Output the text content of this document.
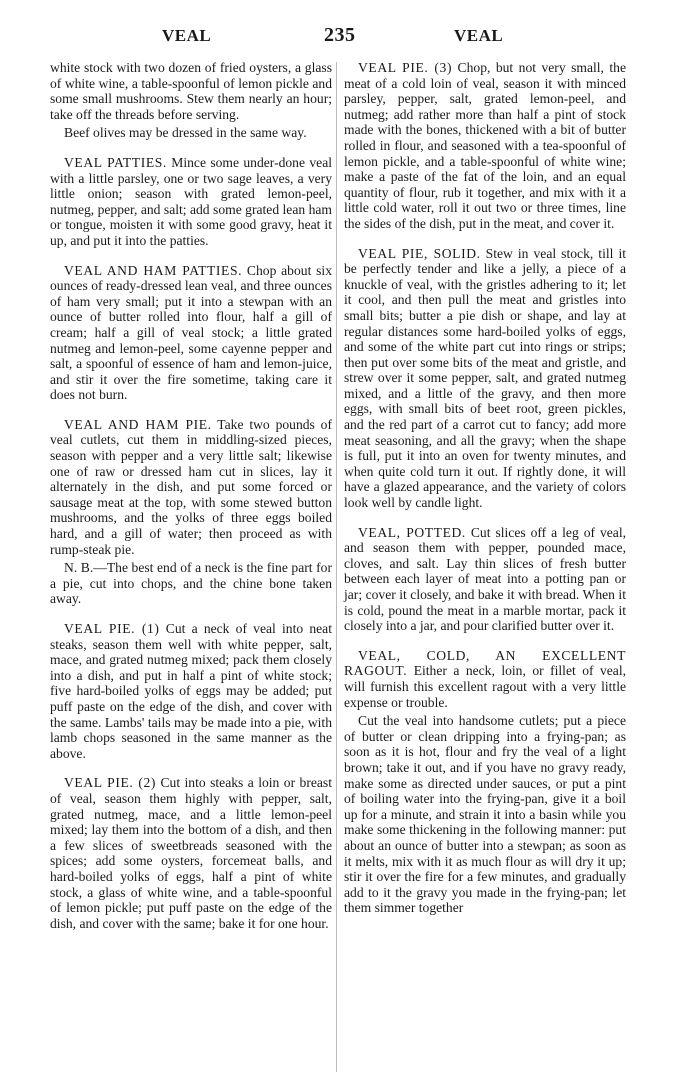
VEAL	235	VEAL

white stock with two dozen of fried oysters, a glass of white wine, a table-spoonful of lemon pickle and some small mushrooms. Stew them nearly an hour; take off the threads before serving.

Beef olives may be dressed in the same way.

VEAL PATTIES. Mince some under-done veal with a little parsley, one or two sage leaves, a very little onion; season with grated lemon-peel, nutmeg, pepper, and salt; add some grated lean ham or tongue, moisten it with some good gravy, heat it up, and put it into the patties.

VEAL AND HAM PATTIES. Chop about six ounces of ready-dressed lean veal, and three ounces of ham very small; put it into a stewpan with an ounce of butter rolled into flour, half a gill of cream; half a gill of veal stock; a little grated nutmeg and lemon-peel, some cayenne pepper and salt, a spoonful of essence of ham and lemon-juice, and stir it over the fire sometime, taking care it does not burn.

VEAL AND HAM PIE. Take two pounds of veal cutlets, cut them in middling-sized pieces, season with pepper and a very little salt; likewise one of raw or dressed ham cut in slices, lay it alternately in the dish, and put some forced or sausage meat at the top, with some stewed button mushrooms, and the yolks of three eggs boiled hard, and a gill of water; then proceed as with rump-steak pie.

N. B.—The best end of a neck is the fine part for a pie, cut into chops, and the chine bone taken away.

VEAL PIE. (1) Cut a neck of veal into neat steaks, season them well with white pepper, salt, mace, and grated nutmeg mixed; pack them closely into a dish, and put in half a pint of white stock; five hard-boiled yolks of eggs may be added; put puff paste on the edge of the dish, and cover with the same. Lambs' tails may be made into a pie, with lamb chops seasoned in the same manner as the above.

VEAL PIE. (2) Cut into steaks a loin or breast of veal, season them highly with pepper, salt, grated nutmeg, mace, and a little lemon-peel mixed; lay them into the bottom of a dish, and then a few slices of sweetbreads seasoned with the spices; add some oysters, forcemeat balls, and hard-boiled yolks of eggs, half a pint of white stock, a glass of white wine, and a table-spoonful of lemon pickle; put puff paste on the edge of the dish, and cover with the same; bake it for one hour.

VEAL PIE. (3) Chop, but not very small, the meat of a cold loin of veal, season it with minced parsley, pepper, salt, grated lemon-peel, and nutmeg; add rather more than half a pint of stock made with the bones, thickened with a bit of butter rolled in flour, and seasoned with a tea-spoonful of lemon pickle, and a table-spoonful of white wine; make a paste of the fat of the loin, and an equal quantity of flour, rub it together, and mix with it a little cold water, roll it out two or three times, line the sides of the dish, put in the meat, and cover it.

VEAL PIE, SOLID. Stew in veal stock, till it be perfectly tender and like a jelly, a piece of a knuckle of veal, with the gristles adhering to it; let it cool, and then pull the meat and gristles into small bits; butter a pie dish or shape, and lay at regular distances some hard-boiled yolks of eggs, and some of the white part cut into rings or strips; then put over some bits of the meat and gristle, and strew over it some pepper, salt, and grated nutmeg mixed, and a little of the gravy, and then more eggs, with small bits of beet root, green pickles, and the red part of a carrot cut to fancy; add more meat seasoning, and all the gravy; when the shape is full, put it into an oven for twenty minutes, and when quite cold turn it out. If rightly done, it will have a glazed appearance, and the variety of colors look well by candle light.

VEAL, POTTED. Cut slices off a leg of veal, and season them with pepper, pounded mace, cloves, and salt. Lay thin slices of fresh butter between each layer of meat into a potting pan or jar; cover it closely, and bake it with bread. When it is cold, pound the meat in a marble mortar, pack it closely into a jar, and pour clarified butter over it.

VEAL, COLD, AN EXCELLENT RAGOUT. Either a neck, loin, or fillet of veal, will furnish this excellent ragout with a very little expense or trouble.

Cut the veal into handsome cutlets; put a piece of butter or clean dripping into a frying-pan; as soon as it is hot, flour and fry the veal of a light brown; take it out, and if you have no gravy ready, make some as directed under sauces, or put a pint of boiling water into the frying-pan, give it a boil up for a minute, and strain it into a basin while you make some thickening in the following manner: put about an ounce of butter into a stewpan; as soon as it melts, mix with it as much flour as will dry it up; stir it over the fire for a few minutes, and gradually add to it the gravy you made in the frying-pan; let them simmer together
